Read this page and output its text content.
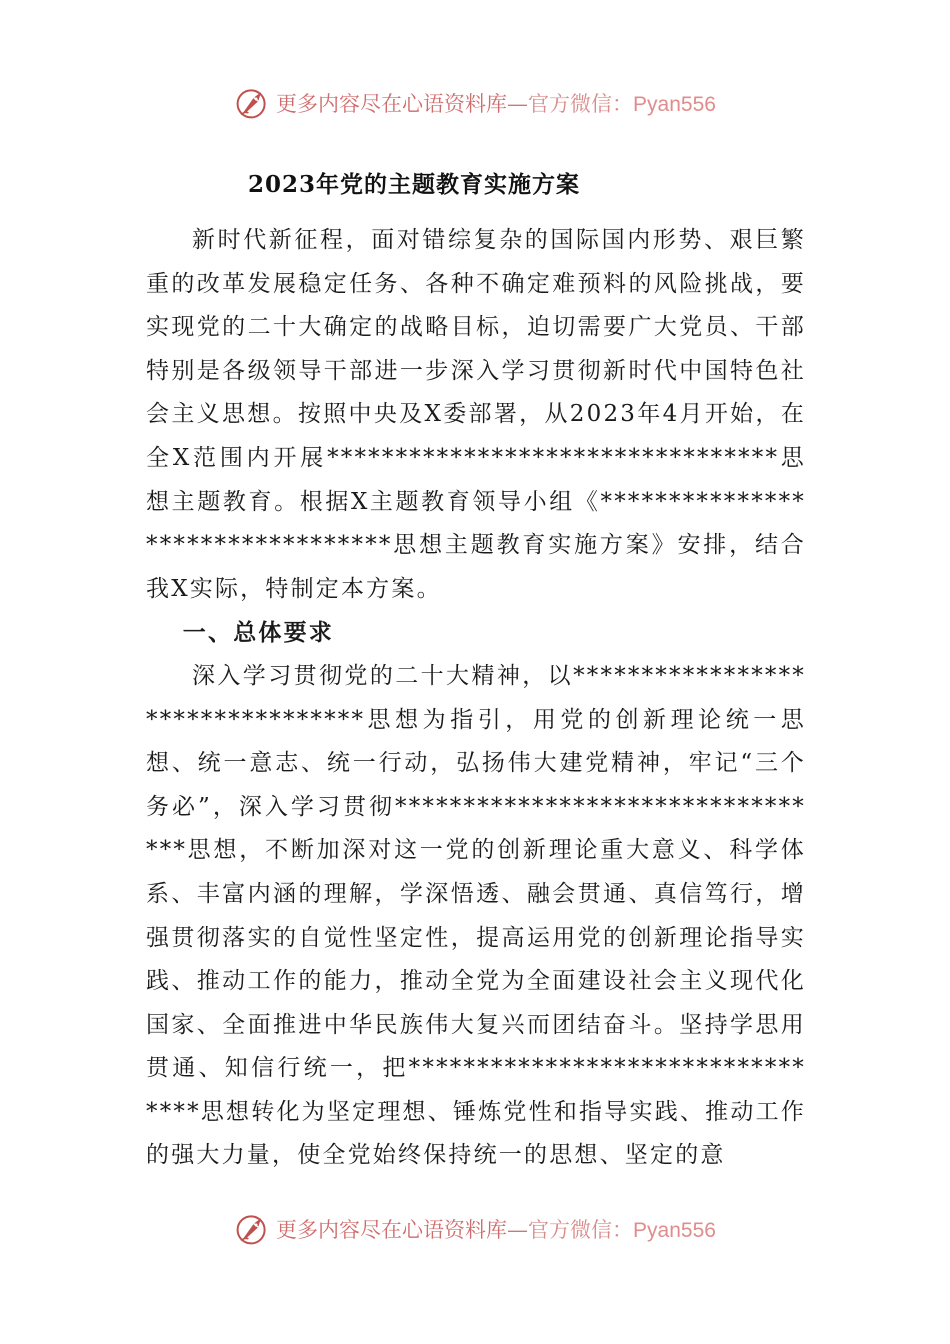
更多内容尽在心语资料库—官方微信：Pyan556
2023年党的主题教育实施方案

新时代新征程，面对错综复杂的国际国内形势、艰巨繁重的改革发展稳定任务、各种不确定难预料的风险挑战，要实现党的二十大确定的战略目标，迫切需要广大党员、干部特别是各级领导干部进一步深入学习贯彻新时代中国特色社会主义思想。按照中央及X委部署，从2023年4月开始，在全X范围内开展*********************************思想主题教育。根据X主题教育领导小组《*********************************思想主题教育实施方案》安排，结合我X实际，特制定本方案。

一、总体要求

深入学习贯彻党的二十大精神，以*********************************思想为指引，用党的创新理论统一思想、统一意志、统一行动，弘扬伟大建党精神，牢记“三个务必”，深入学习贯彻*********************************思想，不断加深对这一党的创新理论重大意义、科学体系、丰富内涵的理解，学深悟透、融会贯通、真信笃行，增强贯彻落实的自觉性坚定性，提高运用党的创新理论指导实践、推动工作的能力，推动全党为全面建设社会主义现代化国家、全面推进中华民族伟大复兴而团结奋斗。坚持学思用贯通、知信行统一，把*********************************思想转化为坚定理想、锤炼党性和指导实践、推动工作的强大力量，使全党始终保持统一的思想、坚定的意

更多内容尽在心语资料库—官方微信：Pyan556
